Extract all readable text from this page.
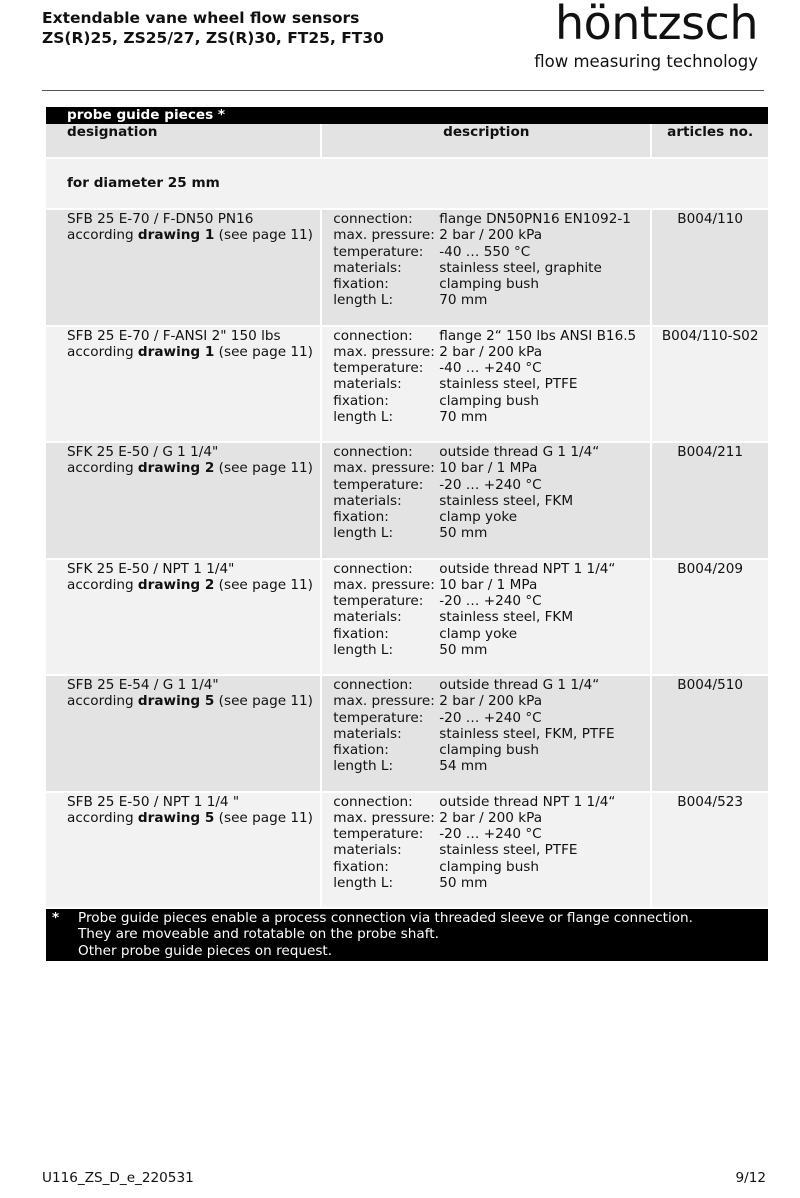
Extendable vane wheel flow sensors
ZS(R)25, ZS25/27, ZS(R)30, FT25, FT30	höntzsch
flow measuring technology
probe guide pieces *
designation	description	articles no.
for diameter 25 mm
SFB 25 E-70 / F-DN50 PN16
according drawing 1 (see page 11)
connection:	flange DN50PN16 EN1092-1
max. pressure: 2 bar / 200 kPa
temperature:	-40 … 550 °C
materials:	stainless steel, graphite
fixation:	clamping bush
length L:	70 mm
B004/110
SFB 25 E-70 / F-ANSI 2" 150 lbs
according drawing 1 (see page 11)
connection:	flange 2“ 150 lbs ANSI B16.5
max. pressure: 2 bar / 200 kPa
temperature:	-40 … +240 °C
materials:	stainless steel, PTFE
fixation:	clamping bush
length L:	70 mm
B004/110-S02
SFK 25 E-50 / G 1 1/4"
according drawing 2 (see page 11)
connection:	outside thread G 1 1/4“
max. pressure: 10 bar / 1 MPa
temperature:	-20 … +240 °C
materials:	stainless steel, FKM
fixation:	clamp yoke
length L:	50 mm
B004/211
SFK 25 E-50 / NPT 1 1/4"
according drawing 2 (see page 11)
connection:	outside thread NPT 1 1/4“
max. pressure: 10 bar / 1 MPa
temperature:	-20 … +240 °C
materials:	stainless steel, FKM
fixation:	clamp yoke
length L:	50 mm
B004/209
SFB 25 E-54 / G 1 1/4"
according drawing 5 (see page 11)
connection:	outside thread G 1 1/4“
max. pressure: 2 bar / 200 kPa
temperature:	-20 … +240 °C
materials:	stainless steel, FKM, PTFE
fixation:	clamping bush
length L:	54 mm
B004/510
SFB 25 E-50 / NPT 1 1/4 "
according drawing 5 (see page 11)
connection:	outside thread NPT 1 1/4“
max. pressure: 2 bar / 200 kPa
temperature:	-20 … +240 °C
materials:	stainless steel, PTFE
fixation:	clamping bush
length L:	50 mm
B004/523
*	Probe guide pieces enable a process connection via threaded sleeve or flange connection.
They are moveable and rotatable on the probe shaft.
Other probe guide pieces on request.
U116_ZS_D_e_220531	9/12
